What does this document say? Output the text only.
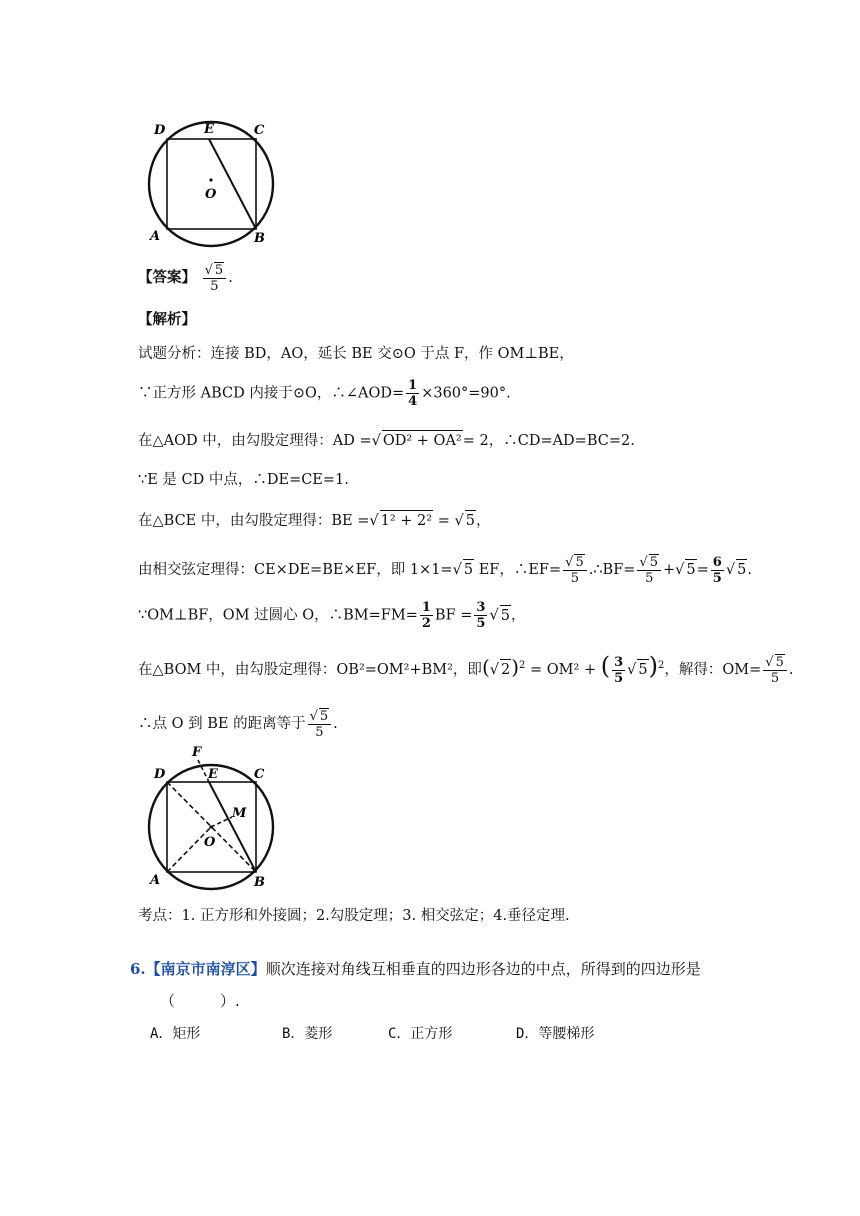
D	E	C
O
A	B
【答案】 $\frac{√ 5}{5}$ .
【解析】
试题分析：连接 BD，AO，延长 BE 交⊙O 于点 F，作 OM⊥BE，
∵正方形 ABCD 内接于⊙O，∴∠AOD= $\frac{1}{4} \times 360^\circ=90^\circ$.
在△AOD 中，由勾股定理得：AD =√ OD² + OA²= 2，∴CD=AD=BC=2.
∵E 是 CD 中点，∴DE=CE=1.
在△BCE 中，由勾股定理得：BE =√ 1² + 2² = √ 5，
由相交弦定理得：CE×DE=BE×EF，即 1×1=√ 5 EF，∴EF= $\frac{√ 5}{5}$ .∴BF= $\frac{√ 5}{5}$ +√ $5= \frac{6}{5}$ √ 5.
∵OM⊥BF，OM 过圆心 O，∴BM=FM= $\frac{1}{2}$ BF = $\frac{3}{5}$ √ 5，
在△BOM 中，由勾股定理得：OB²=OM²+BM²，即(√ 2)$^2$ = OM² + ( $\frac{3}{5}$ √ 5)$^2$，解得：$OM= \frac{√ 5}{5}$ .
∴点 O 到 BE 的距离等于 $\frac{√ 5}{5}$ .
F
D	E	C
M
O
A	B
考点：1. 正方形和外接圆；2.勾股定理；3. 相交弦定；4.垂径定理.
6.【南京市南淳区】顺次连接对角线互相垂直的四边形各边的中点，所得到的四边形是
（　　　）.
A．矩形	B．菱形	C．正方形	D．等腰梯形
